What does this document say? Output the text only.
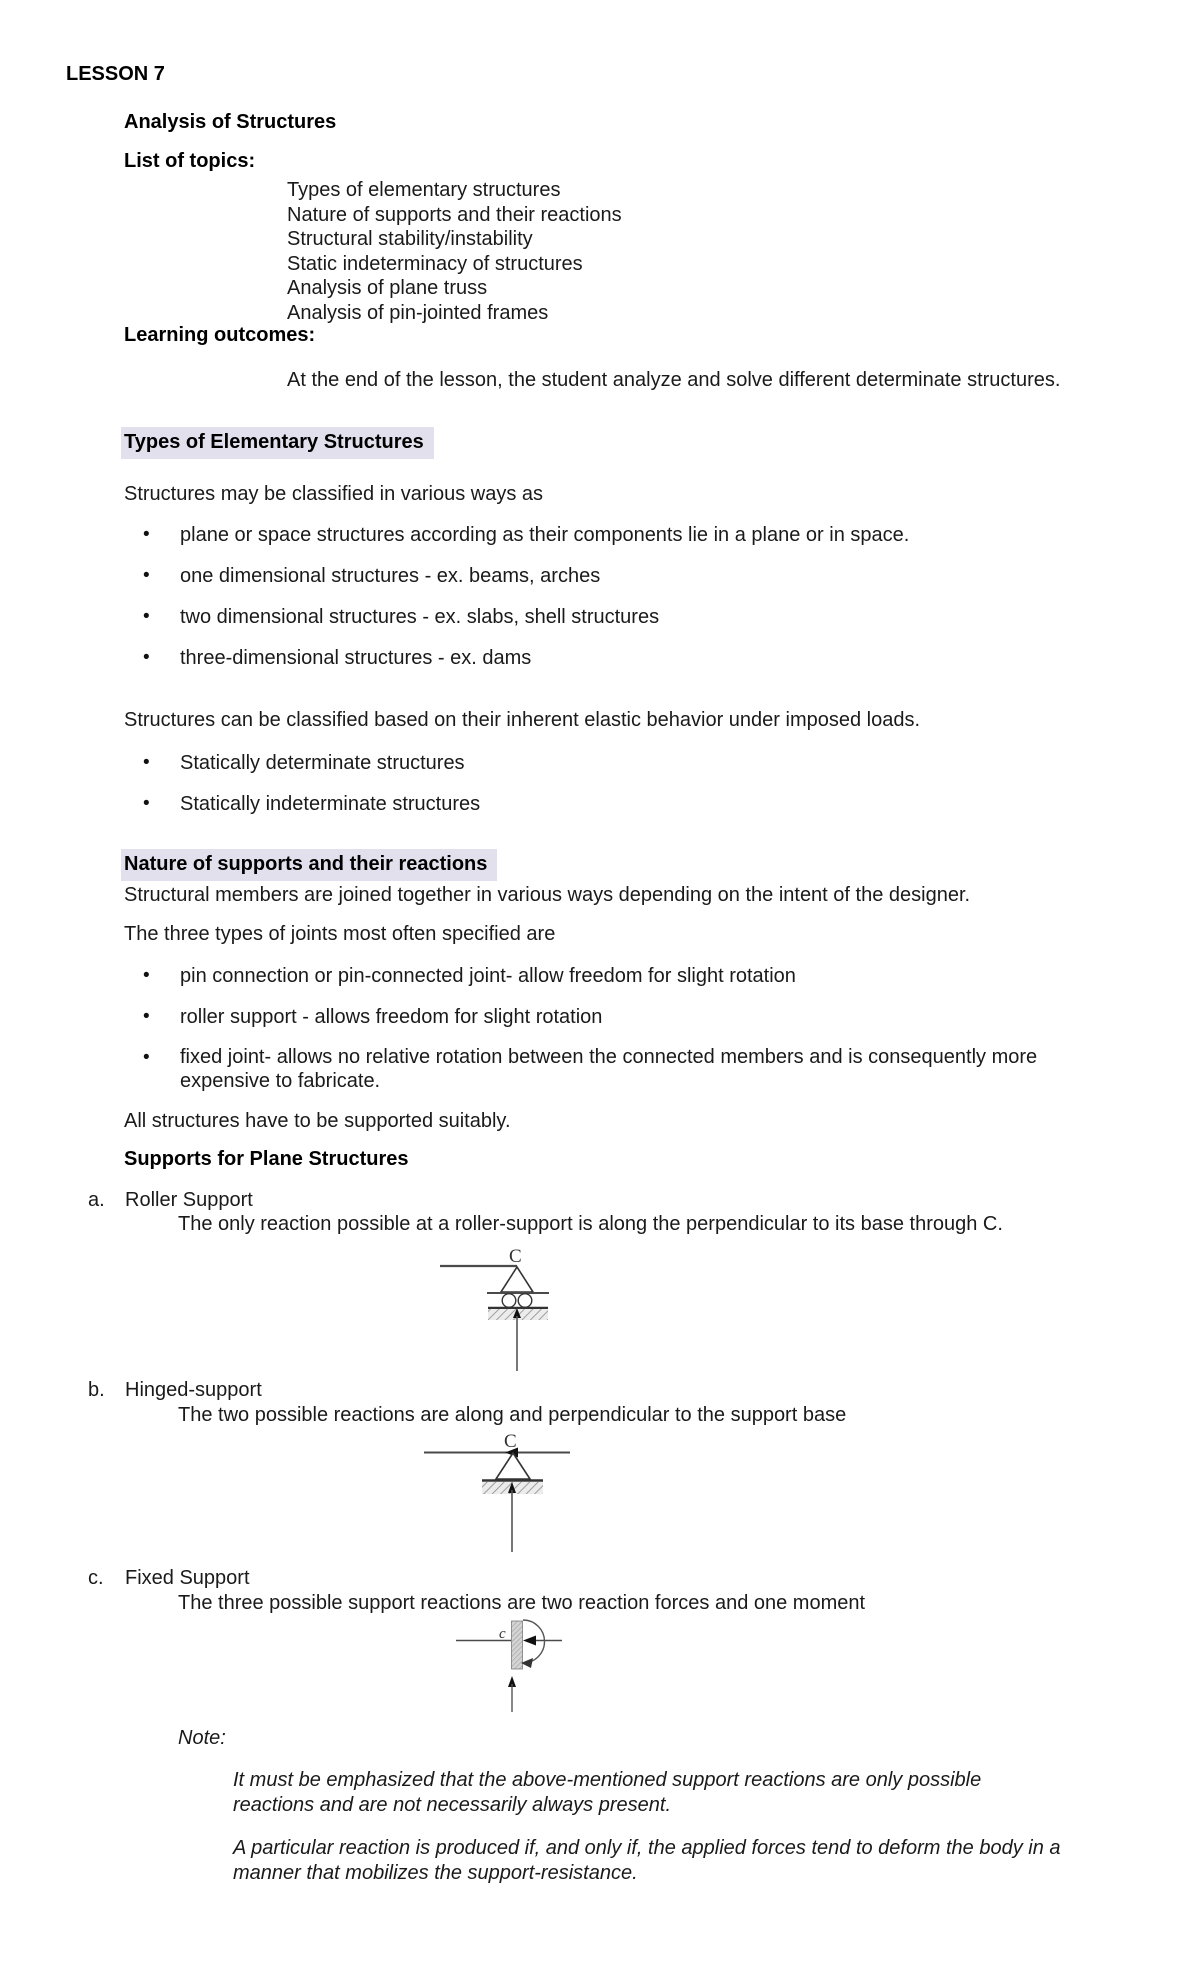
LESSON 7
Analysis of Structures
List of topics:
Types of elementary structures
Nature of supports and their reactions
Structural stability/instability
Static indeterminacy of structures
Analysis of plane truss
Analysis of pin-jointed frames
Learning outcomes:
At the end of the lesson, the student analyze and solve different determinate structures.
Types of Elementary Structures
Structures may be classified in various ways as
• plane or space structures according as their components lie in a plane or in space.
• one dimensional structures - ex. beams, arches
• two dimensional structures - ex. slabs, shell structures
• three-dimensional structures - ex. dams
Structures can be classified based on their inherent elastic behavior under imposed loads.
• Statically determinate structures
• Statically indeterminate structures
Nature of supports and their reactions
Structural members are joined together in various ways depending on the intent of the designer.
The three types of joints most often specified are
• pin connection or pin-connected joint- allow freedom for slight rotation
• roller support - allows freedom for slight rotation
• fixed joint- allows no relative rotation between the connected members and is consequently more
expensive to fabricate.
All structures have to be supported suitably.
Supports for Plane Structures
a. Roller Support
The only reaction possible at a roller-support is along the perpendicular to its base through C.
C
b. Hinged-support
The two possible reactions are along and perpendicular to the support base
C
c. Fixed Support
The three possible support reactions are two reaction forces and one moment
c
Note:
It must be emphasized that the above-mentioned support reactions are only possible
reactions and are not necessarily always present.
A particular reaction is produced if, and only if, the applied forces tend to deform the body in a
manner that mobilizes the support-resistance.
